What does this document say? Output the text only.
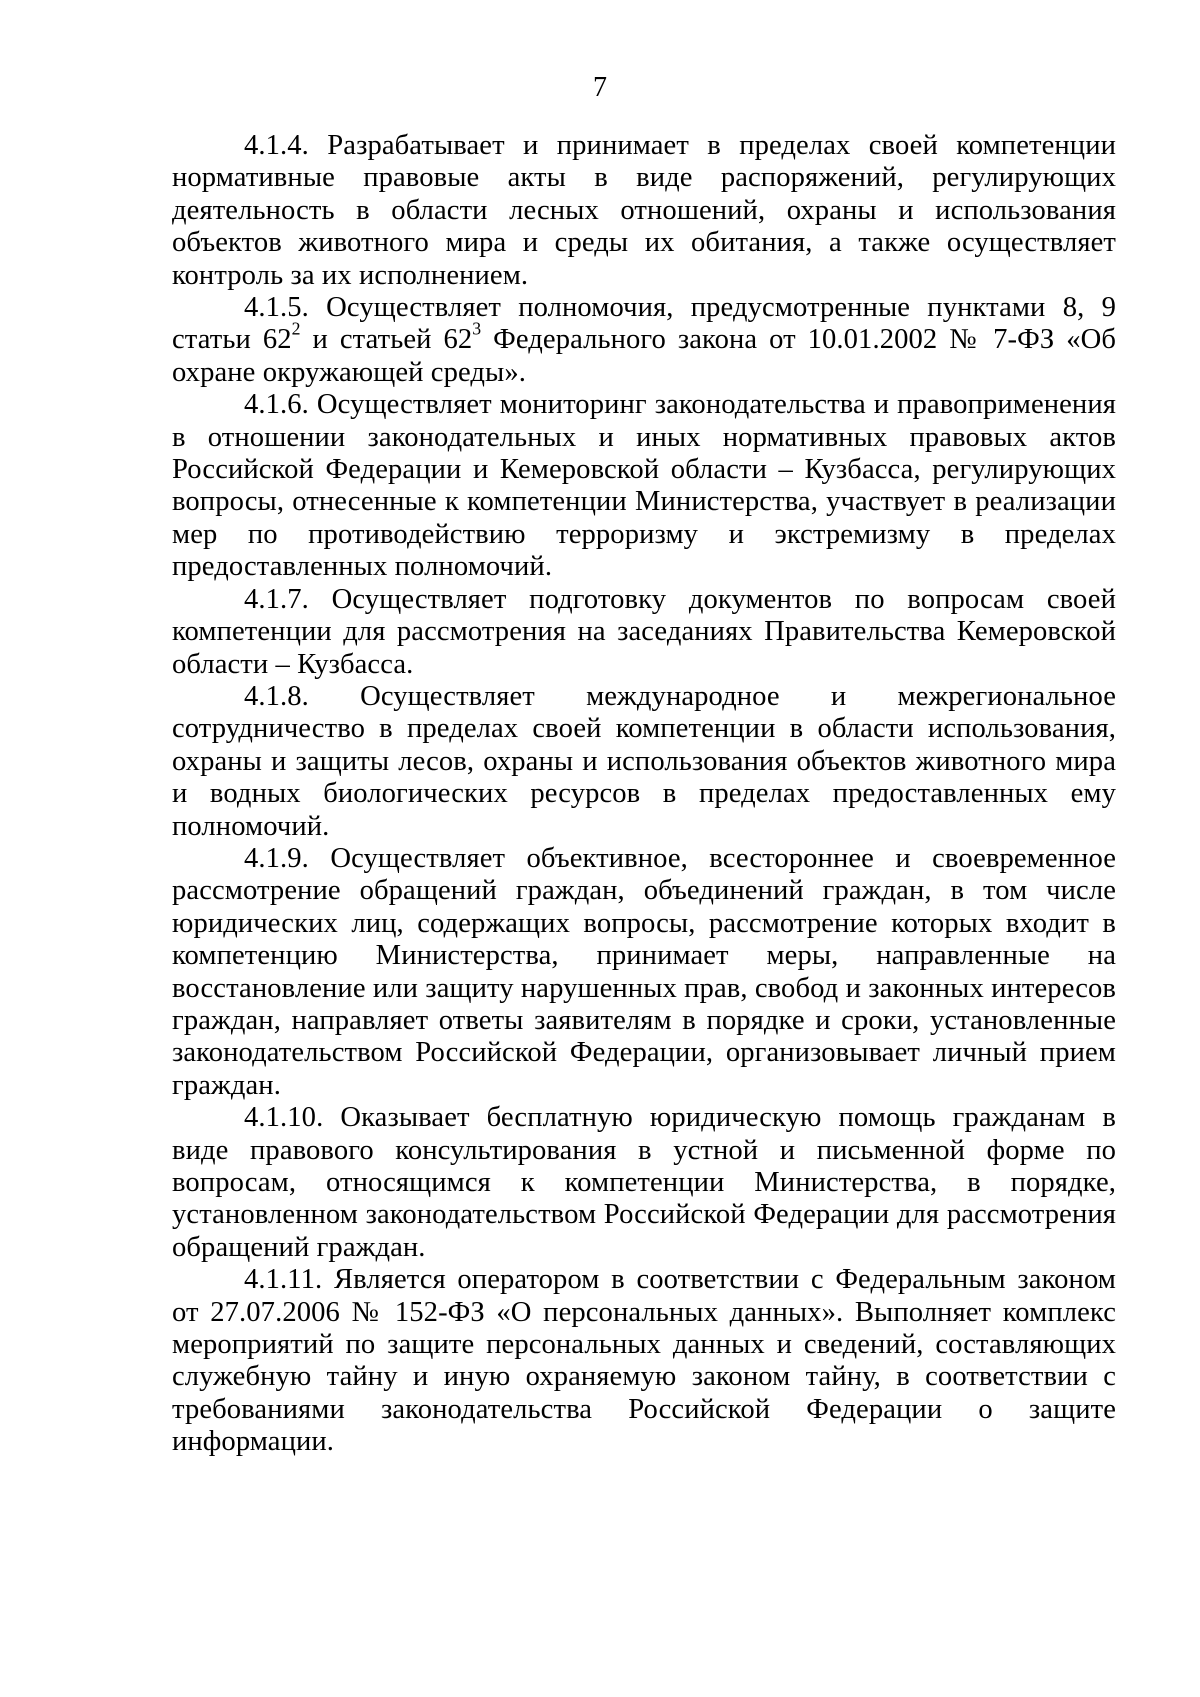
7

4.1.4. Разрабатывает и принимает в пределах своей компетенции нормативные правовые акты в виде распоряжений, регулирующих деятельность в области лесных отношений, охраны и использования объектов животного мира и среды их обитания, а также осуществляет контроль за их исполнением.

4.1.5. Осуществляет полномочия, предусмотренные пунктами 8, 9 статьи $62^2$ и статьей $62^3$ Федерального закона от 10.01.2002 № 7-ФЗ «Об охране окружающей среды».

4.1.6. Осуществляет мониторинг законодательства и правоприменения в отношении законодательных и иных нормативных правовых актов Российской Федерации и Кемеровской области – Кузбасса, регулирующих вопросы, отнесенные к компетенции Министерства, участвует в реализации мер по противодействию терроризму и экстремизму в пределах предоставленных полномочий.

4.1.7. Осуществляет подготовку документов по вопросам своей компетенции для рассмотрения на заседаниях Правительства Кемеровской области – Кузбасса.

4.1.8. Осуществляет международное и межрегиональное сотрудничество в пределах своей компетенции в области использования, охраны и защиты лесов, охраны и использования объектов животного мира и водных биологических ресурсов в пределах предоставленных ему полномочий.

4.1.9. Осуществляет объективное, всестороннее и своевременное рассмотрение обращений граждан, объединений граждан, в том числе юридических лиц, содержащих вопросы, рассмотрение которых входит в компетенцию Министерства, принимает меры, направленные на восстановление или защиту нарушенных прав, свобод и законных интересов граждан, направляет ответы заявителям в порядке и сроки, установленные законодательством Российской Федерации, организовывает личный прием граждан.

4.1.10. Оказывает бесплатную юридическую помощь гражданам в виде правового консультирования в устной и письменной форме по вопросам, относящимся к компетенции Министерства, в порядке, установленном законодательством Российской Федерации для рассмотрения обращений граждан.

4.1.11. Является оператором в соответствии с Федеральным законом от 27.07.2006 № 152-ФЗ «О персональных данных». Выполняет комплекс мероприятий по защите персональных данных и сведений, составляющих служебную тайну и иную охраняемую законом тайну, в соответствии с требованиями законодательства Российской Федерации о защите информации.
